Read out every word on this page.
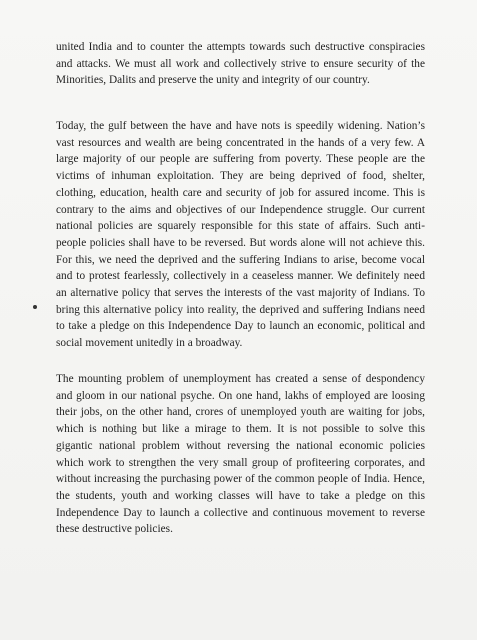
united India and to counter the attempts towards such destructive conspiracies and attacks. We must all work and collectively strive to ensure security of the Minorities, Dalits and preserve the unity and integrity of our country.

Today, the gulf between the have and have nots is speedily widening. Nation’s vast resources and wealth are being concentrated in the hands of a very few. A large majority of our people are suffering from poverty. These people are the victims of inhuman exploitation. They are being deprived of food, shelter, clothing, education, health care and security of job for assured income. This is contrary to the aims and objectives of our Independence struggle. Our current national policies are squarely responsible for this state of affairs. Such anti-people policies shall have to be reversed. But words alone will not achieve this. For this, we need the deprived and the suffering Indians to arise, become vocal and to protest fearlessly, collectively in a ceaseless manner. We definitely need an alternative policy that serves the interests of the vast majority of Indians. To bring this alternative policy into reality, the deprived and suffering Indians need to take a pledge on this Independence Day to launch an economic, political and social movement unitedly in a broadway.

The mounting problem of unemployment has created a sense of despondency and gloom in our national psyche. On one hand, lakhs of employed are loosing their jobs, on the other hand, crores of unemployed youth are waiting for jobs, which is nothing but like a mirage to them. It is not possible to solve this gigantic national problem without reversing the national economic policies which work to strengthen the very small group of profiteering corporates, and without increasing the purchasing power of the common people of India. Hence, the students, youth and working classes will have to take a pledge on this Independence Day to launch a collective and continuous movement to reverse these destructive policies.
